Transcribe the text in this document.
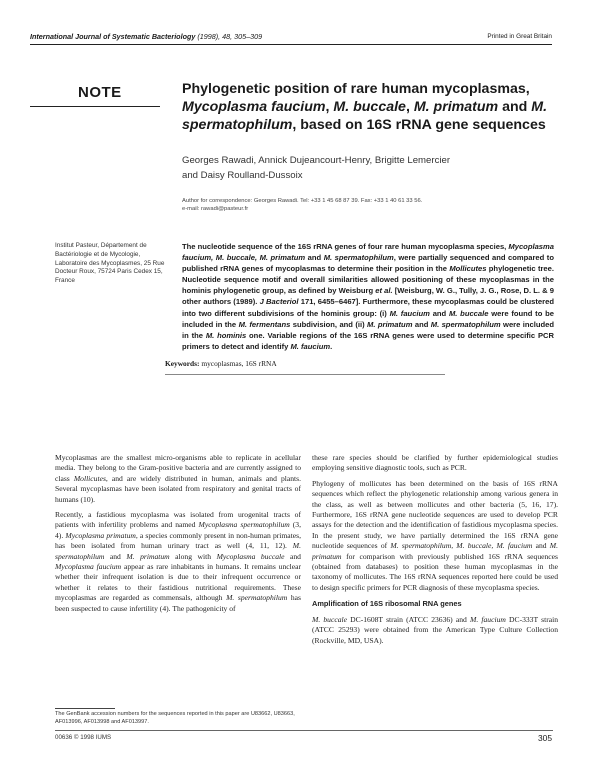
International Journal of Systematic Bacteriology (1998), 48, 305–309	Printed in Great Britain
NOTE	Phylogenetic position of rare human mycoplasmas, Mycoplasma faucium, M. buccale, M. primatum and M. spermatophilum, based on 16S rRNA gene sequences
Georges Rawadi, Annick Dujeancourt-Henry, Brigitte Lemercier
and Daisy Roulland-Dussoix
Author for correspondence: Georges Rawadi. Tel: +33 1 45 68 87 39. Fax: +33 1 40 61 33 56.
e-mail: rawadi@pasteur.fr
Institut Pasteur, Département de Bactériologie et de Mycologie, Laboratoire des Mycoplasmes, 25 Rue Docteur Roux, 75724 Paris Cedex 15, France
The nucleotide sequence of the 16S rRNA genes of four rare human mycoplasma species, Mycoplasma faucium, M. buccale, M. primatum and M. spermatophilum, were partially sequenced and compared to published rRNA genes of mycoplasmas to determine their position in the Mollicutes phylogenetic tree. Nucleotide sequence motif and overall similarities allowed positioning of these mycoplasmas in the hominis phylogenetic group, as defined by Weisburg et al. [Weisburg, W. G., Tully, J. G., Rose, D. L. & 9 other authors (1989). J Bacteriol 171, 6455–6467]. Furthermore, these mycoplasmas could be clustered into two different subdivisions of the hominis group: (i) M. faucium and M. buccale were found to be included in the M. fermentans subdivision, and (ii) M. primatum and M. spermatophilum were included in the M. hominis one. Variable regions of the 16S rRNA genes were used to determine specific PCR primers to detect and identify M. faucium.
Keywords: mycoplasmas, 16S rRNA

Mycoplasmas are the smallest micro-organisms able to replicate in acellular media. They belong to the Gram-positive bacteria and are currently assigned to class Mollicutes, and are widely distributed in human, animals and plants. Several mycoplasmas have been isolated from respiratory and genital tracts of humans (10).

Recently, a fastidious mycoplasma was isolated from urogenital tracts of patients with infertility problems and named Mycoplasma spermatophilum (3, 4). Mycoplasma primatum, a species commonly present in non-human primates, has been isolated from human urinary tract as well (4, 11, 12). M. spermatophilum and M. primatum along with Mycoplasma buccale and Mycoplasma faucium appear as rare inhabitants in humans. It remains unclear whether their infrequent isolation is due to their infrequent occurrence or whether it relates to their fastidious nutritional requirements. These mycoplasmas are regarded as commensals, although M. spermatophilum has been suspected to cause infertility (4). The pathogenicity of

these rare species should be clarified by further epidemiological studies employing sensitive diagnostic tools, such as PCR.

Phylogeny of mollicutes has been determined on the basis of 16S rRNA sequences which reflect the phylogenetic relationship among various genera in the class, as well as between mollicutes and other bacteria (5, 16, 17). Furthermore, 16S rRNA gene nucleotide sequences are used to develop PCR assays for the detection and the identification of fastidious mycoplasma species. In the present study, we have partially determined the 16S rRNA gene nucleotide sequences of M. spermatophilum, M. buccale, M. faucium and M. primatum for comparison with previously published 16S rRNA sequences (obtained from databases) to position these human mycoplasmas in the taxonomy of mollicutes. The 16S rRNA sequences reported here could be used to design specific primers for PCR diagnosis of these mycoplasma species.

Amplification of 16S ribosomal RNA genes

M. buccale DC-1608T strain (ATCC 23636) and M. faucium DC-333T strain (ATCC 25293) were obtained from the American Type Culture Collection (Rockville, MD, USA).

The GenBank accession numbers for the sequences reported in this paper are U83662, U83663, AF013996, AF013998 and AF013997.
00636 © 1998 IUMS	305
